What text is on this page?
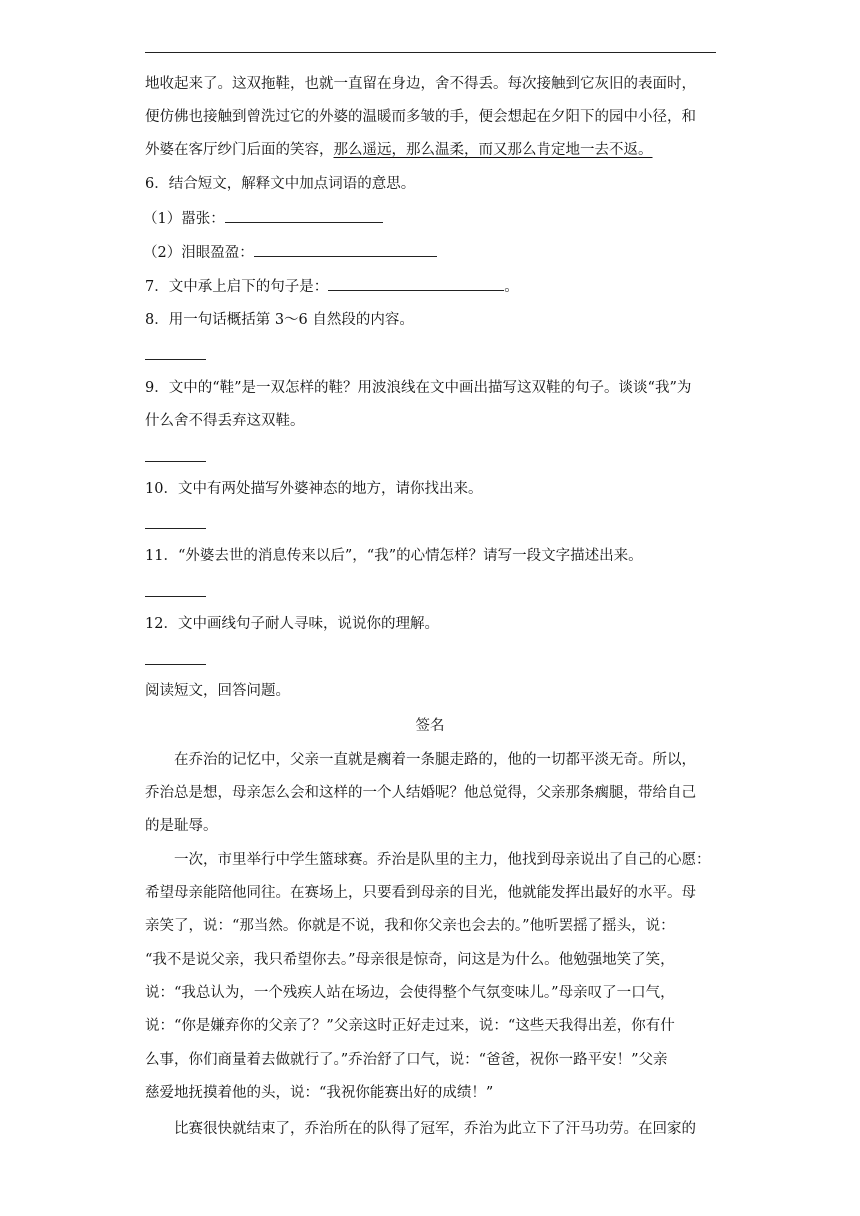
地收起来了。这双拖鞋，也就一直留在身边，舍不得丢。每次接触到它灰旧的表面时，
便仿佛也接触到曾洗过它的外婆的温暖而多皱的手，便会想起在夕阳下的园中小径，和
外婆在客厅纱门后面的笑容，那么遥远，那么温柔，而又那么肯定地一去不返。
6．结合短文，解释文中加点词语的意思。
（1）嚣张：
（2）泪眼盈盈：
7．文中承上启下的句子是：	。
8．用一句话概括第 3～6 自然段的内容。
9．文中的“鞋”是一双怎样的鞋？用波浪线在文中画出描写这双鞋的句子。谈谈“我”为
什么舍不得丢弃这双鞋。
10．文中有两处描写外婆神态的地方，请你找出来。
11．“外婆去世的消息传来以后”，“我”的心情怎样？请写一段文字描述出来。
12．文中画线句子耐人寻味，说说你的理解。
阅读短文，回答问题。
签名
在乔治的记忆中，父亲一直就是瘸着一条腿走路的，他的一切都平淡无奇。所以，
乔治总是想，母亲怎么会和这样的一个人结婚呢？他总觉得，父亲那条瘸腿，带给自己
的是耻辱。
一次，市里举行中学生篮球赛。乔治是队里的主力，他找到母亲说出了自己的心愿：
希望母亲能陪他同往。在赛场上，只要看到母亲的目光，他就能发挥出最好的水平。母
亲笑了，说：“那当然。你就是不说，我和你父亲也会去的。”他听罢摇了摇头，说：
“我不是说父亲，我只希望你去。”母亲很是惊奇，问这是为什么。他勉强地笑了笑，
说：“我总认为，一个残疾人站在场边，会使得整个气氛变味儿。”母亲叹了一口气，
说：“你是嫌弃你的父亲了？”父亲这时正好走过来，说：“这些天我得出差，你有什
么事，你们商量着去做就行了。”乔治舒了口气，说：“爸爸，祝你一路平安！”父亲
慈爱地抚摸着他的头，说：“我祝你能赛出好的成绩！”
比赛很快就结束了，乔治所在的队得了冠军，乔治为此立下了汗马功劳。在回家的
